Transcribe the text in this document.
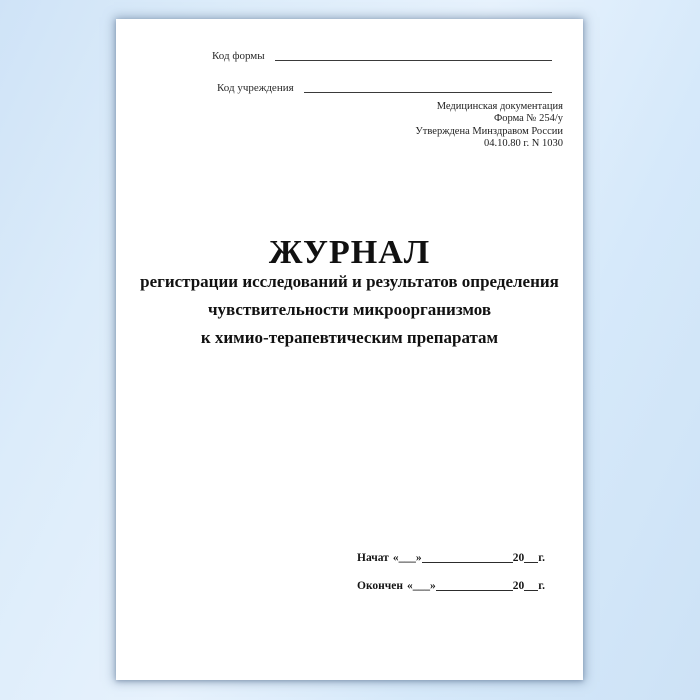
Код формы
Код учреждения
Медицинская документация
Форма № 254/у
Утверждена Минздравом России
04.10.80 г. N 1030
ЖУРНАЛ
регистрации исследований и результатов определения
чувствительности микроорганизмов
к химио-терапевтическим препаратам
Начат «___»	20 г.
Окончен «___»	20 г.
